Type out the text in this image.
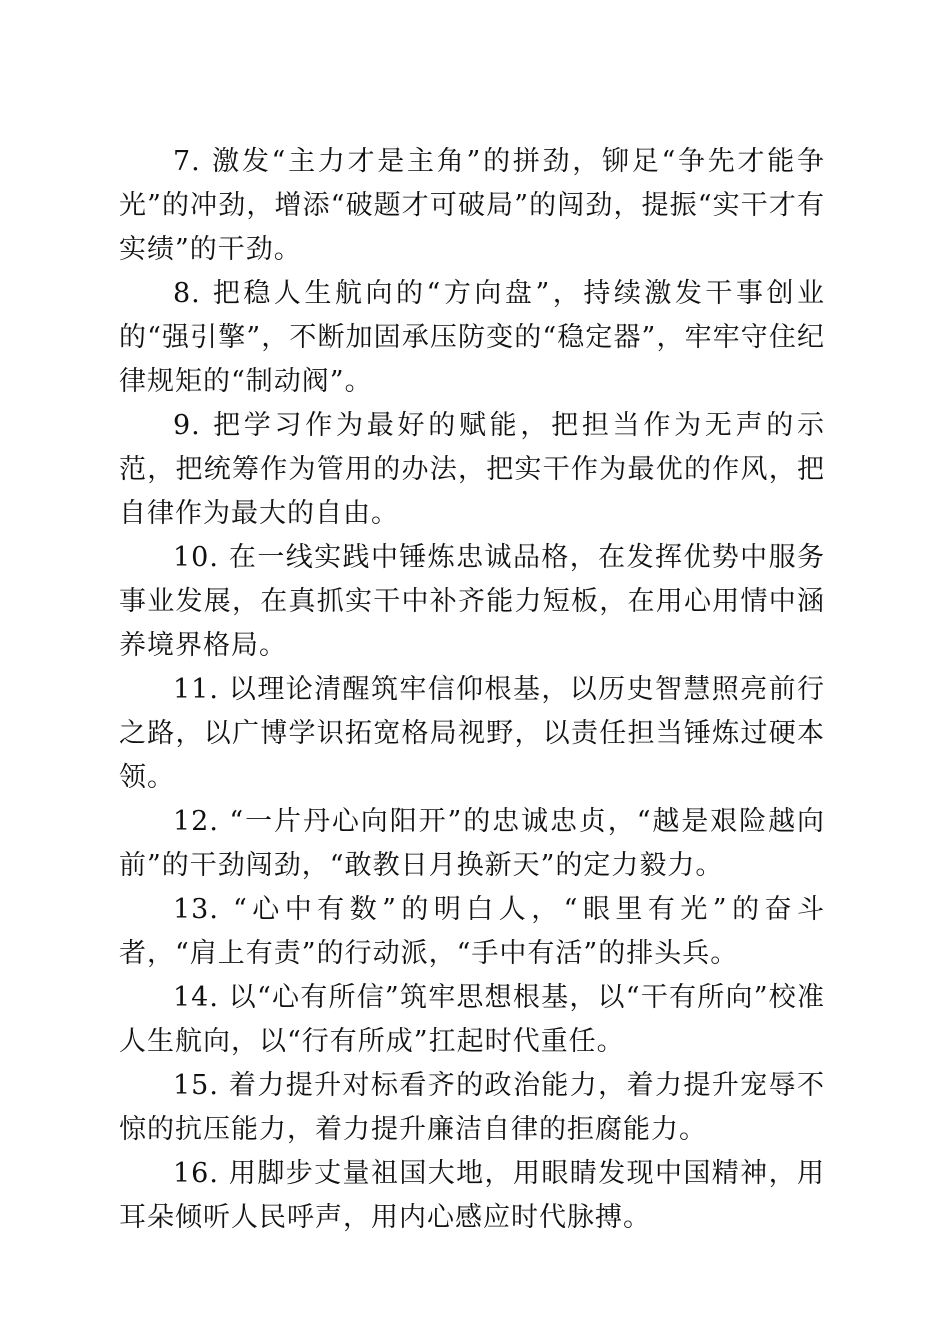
7. 激发“主力才是主角”的拼劲，铆足“争先才能争光”的冲劲，增添“破题才可破局”的闯劲，提振“实干才有实绩”的干劲。

8. 把稳人生航向的“方向盘”，持续激发干事创业的“强引擎”，不断加固承压防变的“稳定器”，牢牢守住纪律规矩的“制动阀”。

9. 把学习作为最好的赋能，把担当作为无声的示范，把统筹作为管用的办法，把实干作为最优的作风，把自律作为最大的自由。

10. 在一线实践中锤炼忠诚品格，在发挥优势中服务事业发展，在真抓实干中补齐能力短板，在用心用情中涵养境界格局。

11. 以理论清醒筑牢信仰根基，以历史智慧照亮前行之路，以广博学识拓宽格局视野，以责任担当锤炼过硬本领。

12. “一片丹心向阳开”的忠诚忠贞，“越是艰险越向前”的干劲闯劲，“敢教日月换新天”的定力毅力。

13. “心中有数”的明白人，“眼里有光”的奋斗者，“肩上有责”的行动派，“手中有活”的排头兵。

14. 以“心有所信”筑牢思想根基，以“干有所向”校准人生航向，以“行有所成”扛起时代重任。

15. 着力提升对标看齐的政治能力，着力提升宠辱不惊的抗压能力，着力提升廉洁自律的拒腐能力。

16. 用脚步丈量祖国大地，用眼睛发现中国精神，用耳朵倾听人民呼声，用内心感应时代脉搏。
